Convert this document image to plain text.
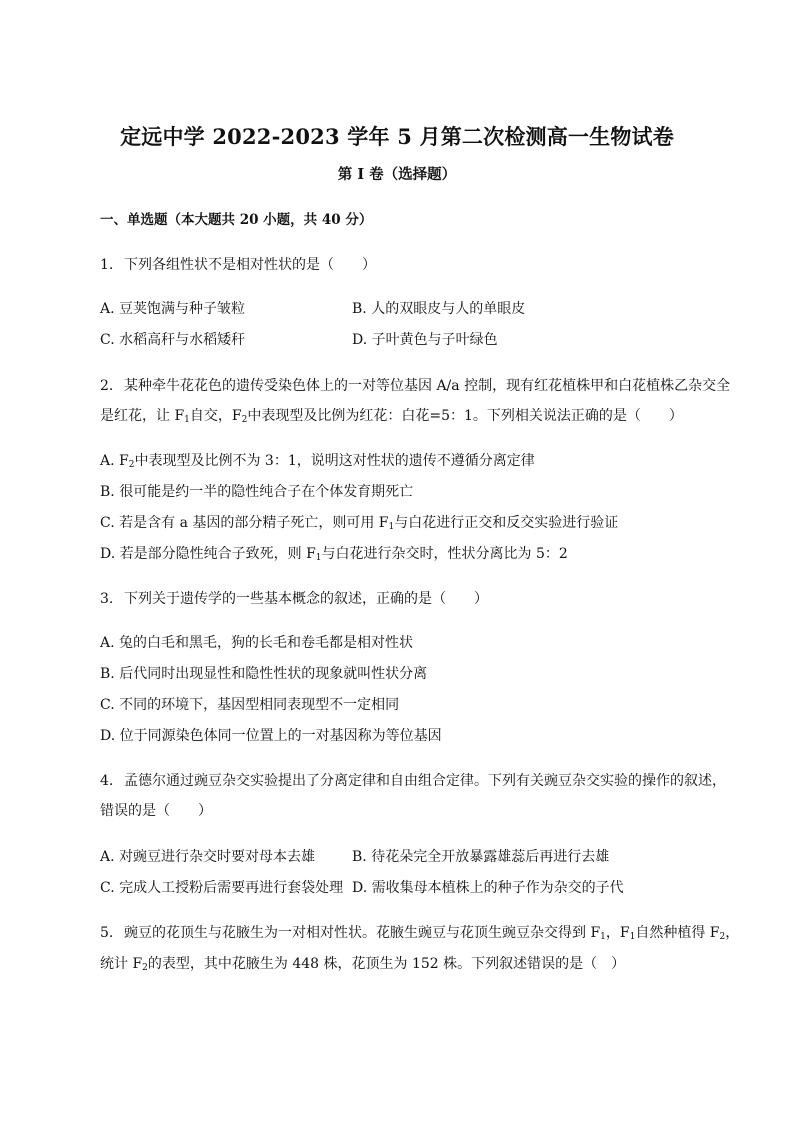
定远中学 2022-2023 学年 5 月第二次检测高一生物试卷
第 I 卷（选择题）
一、单选题（本大题共 20 小题，共 40 分）
1. 下列各组性状不是相对性状的是（　　）
A. 豆荚饱满与种子皱粒	B. 人的双眼皮与人的单眼皮
C. 水稻高秆与水稻矮秆	D. 子叶黄色与子叶绿色
2. 某种牵牛花花色的遗传受染色体上的一对等位基因 A/a 控制，现有红花植株甲和白花植株乙杂交全
是红花，让 $F_1$自交，$F_2$中表现型及比例为红花：白花=5：1。下列相关说法正确的是（　　）
A. $F_2$中表现型及比例不为 3：1，说明这对性状的遗传不遵循分离定律
B. 很可能是约一半的隐性纯合子在个体发育期死亡
C. 若是含有 a 基因的部分精子死亡，则可用 $F_1$与白花进行正交和反交实验进行验证
D. 若是部分隐性纯合子致死，则 $F_1$与白花进行杂交时，性状分离比为 5：2
3. 下列关于遗传学的一些基本概念的叙述，正确的是（　　）
A. 兔的白毛和黑毛，狗的长毛和卷毛都是相对性状
B. 后代同时出现显性和隐性性状的现象就叫性状分离
C. 不同的环境下，基因型相同表现型不一定相同
D. 位于同源染色体同一位置上的一对基因称为等位基因
4. 孟德尔通过豌豆杂交实验提出了分离定律和自由组合定律。下列有关豌豆杂交实验的操作的叙述，
错误的是（　　）
A. 对豌豆进行杂交时要对母本去雄	B. 待花朵完全开放暴露雄蕊后再进行去雄
C. 完成人工授粉后需要再进行套袋处理 D. 需收集母本植株上的种子作为杂交的子代
5. 豌豆的花顶生与花腋生为一对相对性状。花腋生豌豆与花顶生豌豆杂交得到 $F_1$，$F_1$自然种植得 $F_2$，
统计 $F_2$的表型，其中花腋生为 448 株，花顶生为 152 株。下列叙述错误的是（　）
